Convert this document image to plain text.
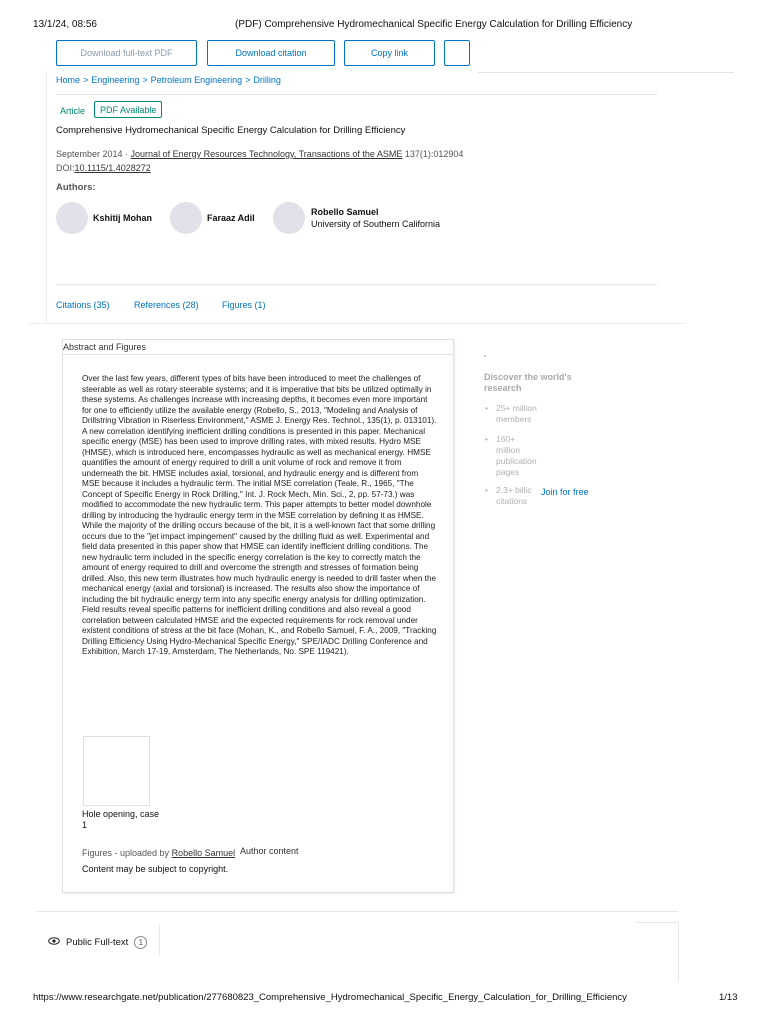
13/1/24, 08:56	(PDF) Comprehensive Hydromechanical Specific Energy Calculation for Drilling Efficiency
Download full-text PDF	Download citation	Copy link
Home > Engineering > Petroleum Engineering > Drilling
Article	PDF Available
Comprehensive Hydromechanical Specific Energy Calculation for Drilling Efficiency
September 2014 · Journal of Energy Resources Technology, Transactions of the ASME 137(1):012904
DOI:10.1115/1.4028272
Authors:
Kshitij Mohan	Faraaz Adil
Robello Samuel
University of Southern California
Citations (35)	References (28)	Figures (1)
Abstract and Figures
Over the last few years, different types of bits have been introduced to meet the challenges of steerable as well as rotary steerable systems; and it is imperative that bits be utilized optimally in these systems. As challenges increase with increasing depths, it becomes even more important for one to efficiently utilize the available energy (Robello, S., 2013, "Modeling and Analysis of Drillstring Vibration in Riserless Environment," ASME J. Energy Res. Technol., 135(1), p. 013101). A new correlation identifying inefficient drilling conditions is presented in this paper. Mechanical specific energy (MSE) has been used to improve drilling rates, with mixed results. Hydro MSE (HMSE), which is introduced here, encompasses hydraulic as well as mechanical energy. HMSE quantifies the amount of energy required to drill a unit volume of rock and remove it from underneath the bit. HMSE includes axial, torsional, and hydraulic energy and is different from MSE because it includes a hydraulic term. The initial MSE correlation (Teale, R., 1965, "The Concept of Specific Energy in Rock Drilling," Int. J. Rock Mech. Min. Sci., 2, pp. 57-73.) was modified to accommodate the new hydraulic term. This paper attempts to better model downhole drilling by introducing the hydraulic energy term in the MSE correlation by defining it as HMSE. While the majority of the drilling occurs because of the bit, it is a well-known fact that some drilling occurs due to the "jet impact impingement" caused by the drilling fluid as well. Experimental and field data presented in this paper show that HMSE can identify inefficient drilling conditions. The new hydraulic term included in the specific energy correlation is the key to correctly match the amount of energy required to drill and overcome the strength and stresses of formation being drilled. Also, this new term illustrates how much hydraulic energy is needed to drill faster when the mechanical energy (axial and torsional) is increased. The results also show the importance of including the bit hydraulic energy term into any specific energy analysis for drilling optimization. Field results reveal specific patterns for inefficient drilling conditions and also reveal a good correlation between calculated HMSE and the expected requirements for rock removal under existent conditions of stress at the bit face (Mohan, K., and Robello Samuel, F. A., 2009, "Tracking Drilling Efficiency Using Hydro-Mechanical Specific Energy," SPE/IADC Drilling Conference and Exhibition, March 17-19, Amsterdam, The Netherlands, No. SPE 119421).
Hole opening, case 1
Figures - uploaded by Robello Samuel Author content
Content may be subject to copyright.
Discover the world's research
• 25+ million members
• 160+ million publication pages
• 2.3+ billic citations
Join for free
Public Full-text	1
https://www.researchgate.net/publication/277680823_Comprehensive_Hydromechanical_Specific_Energy_Calculation_for_Drilling_Efficiency	1/13
